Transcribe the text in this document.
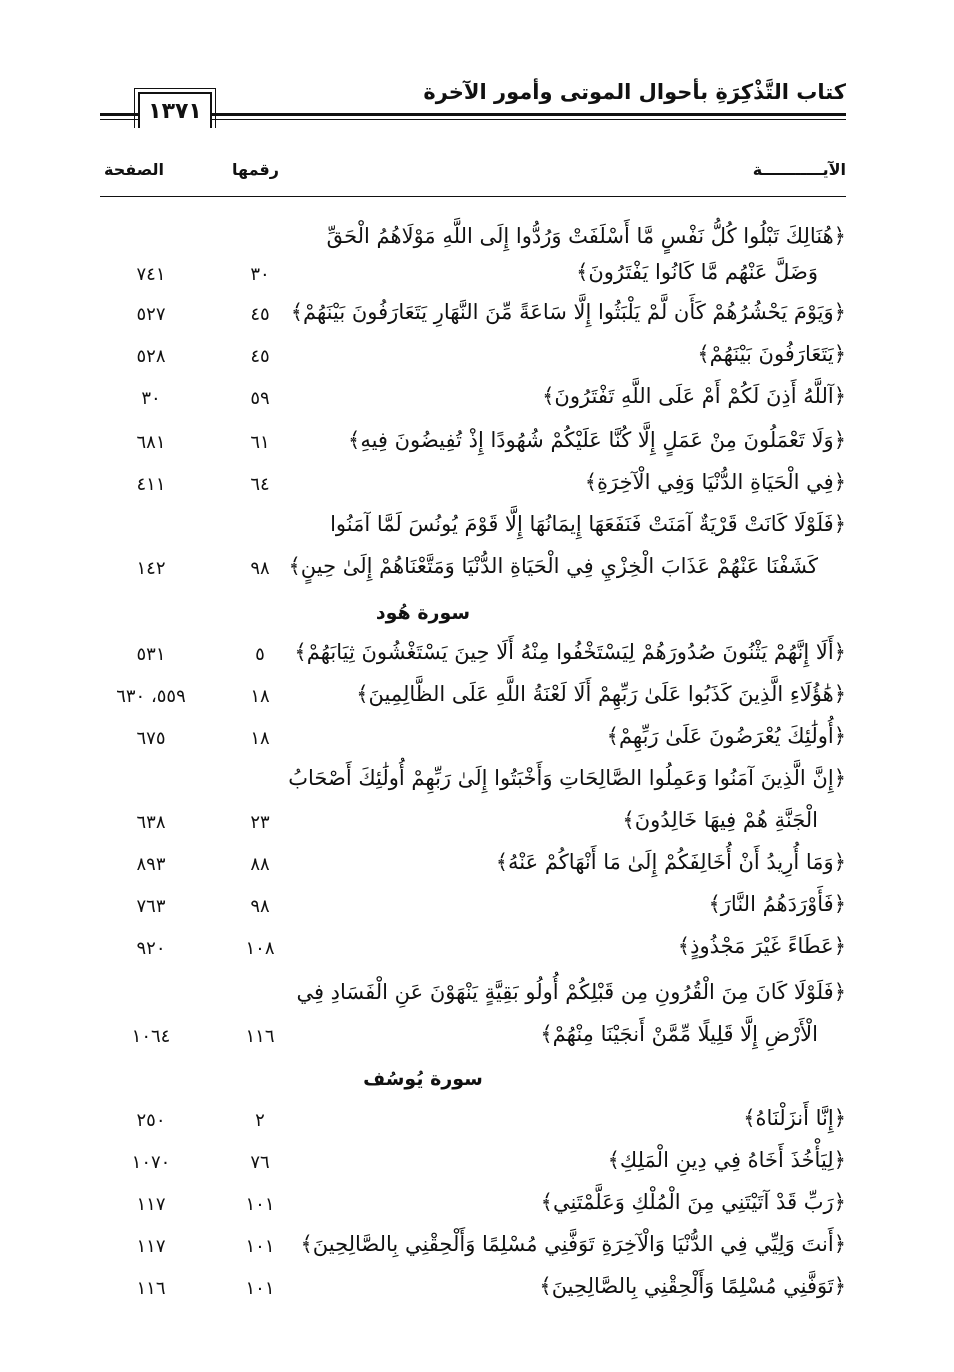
كتاب التَّذْكِرَةِ بأحوال الموتى وأمور الآخرة
١٣٧١
الآيـــــــــــة
رقمها
الصفحة
﴿هُنَالِكَ تَبْلُوا كُلُّ نَفْسٍ مَّا أَسْلَفَتْ وَرُدُّوا إِلَى اللَّهِ مَوْلَاهُمُ الْحَقِّ
وَضَلَّ عَنْهُم مَّا كَانُوا يَفْتَرُونَ﴾
٣٠
٧٤١
﴿وَيَوْمَ يَحْشُرُهُمْ كَأَن لَّمْ يَلْبَثُوا إِلَّا سَاعَةً مِّنَ النَّهَارِ يَتَعَارَفُونَ بَيْنَهُمْ﴾
٤٥
٥٢٧
﴿يَتَعَارَفُونَ بَيْنَهُمْ﴾
٤٥
٥٢٨
﴿آللَّهُ أَذِنَ لَكُمْ أَمْ عَلَى اللَّهِ تَفْتَرُونَ﴾
٥٩
٣٠
﴿وَلَا تَعْمَلُونَ مِنْ عَمَلٍ إِلَّا كُنَّا عَلَيْكُمْ شُهُودًا إِذْ تُفِيضُونَ فِيهِ﴾
٦١
٦٨١
﴿فِي الْحَيَاةِ الدُّنْيَا وَفِي الْآخِرَةِ﴾
٦٤
٤١١
﴿فَلَوْلَا كَانَتْ قَرْيَةٌ آمَنَتْ فَنَفَعَهَا إِيمَانُهَا إِلَّا قَوْمَ يُونُسَ لَمَّا آمَنُوا
كَشَفْنَا عَنْهُمْ عَذَابَ الْخِزْيِ فِي الْحَيَاةِ الدُّنْيَا وَمَتَّعْنَاهُمْ إِلَىٰ حِينٍ﴾
٩٨
١٤٢
سورة هُود
﴿أَلَا إِنَّهُمْ يَثْنُونَ صُدُورَهُمْ لِيَسْتَخْفُوا مِنْهُ أَلَا حِينَ يَسْتَغْشُونَ ثِيَابَهُمْ﴾
٥
٥٣١
﴿هَٰؤُلَاءِ الَّذِينَ كَذَبُوا عَلَىٰ رَبِّهِمْ أَلَا لَعْنَةُ اللَّهِ عَلَى الظَّالِمِينَ﴾
١٨
٥٥٩، ٦٣٠
﴿أُولَٰئِكَ يُعْرَضُونَ عَلَىٰ رَبِّهِمْ﴾
١٨
٦٧٥
﴿إِنَّ الَّذِينَ آمَنُوا وَعَمِلُوا الصَّالِحَاتِ وَأَخْبَتُوا إِلَىٰ رَبِّهِمْ أُولَٰئِكَ أَصْحَابُ
الْجَنَّةِ هُمْ فِيهَا خَالِدُونَ﴾
٢٣
٦٣٨
﴿وَمَا أُرِيدُ أَنْ أُخَالِفَكُمْ إِلَىٰ مَا أَنْهَاكُمْ عَنْهُ﴾
٨٨
٨٩٣
﴿فَأَوْرَدَهُمُ النَّارَ﴾
٩٨
٧٦٣
﴿عَطَاءً غَيْرَ مَجْذُوذٍ﴾
١٠٨
٩٢٠
﴿فَلَوْلَا كَانَ مِنَ الْقُرُونِ مِن قَبْلِكُمْ أُولُو بَقِيَّةٍ يَنْهَوْنَ عَنِ الْفَسَادِ فِي
الْأَرْضِ إِلَّا قَلِيلًا مِّمَّنْ أَنجَيْنَا مِنْهُمْ﴾
١١٦
١٠٦٤
سورة يُوسُف
﴿إِنَّا أَنزَلْنَاهُ﴾
٢
٢٥٠
﴿لِيَأْخُذَ أَخَاهُ فِي دِينِ الْمَلِكِ﴾
٧٦
١٠٧٠
﴿رَبِّ قَدْ آتَيْتَنِي مِنَ الْمُلْكِ وَعَلَّمْتَنِي﴾
١٠١
١١٧
﴿أَنتَ وَلِيِّي فِي الدُّنْيَا وَالْآخِرَةِ تَوَفَّنِي مُسْلِمًا وَأَلْحِقْنِي بِالصَّالِحِينَ﴾
١٠١
١١٧
﴿تَوَفَّنِي مُسْلِمًا وَأَلْحِقْنِي بِالصَّالِحِينَ﴾
١٠١
١١٦
